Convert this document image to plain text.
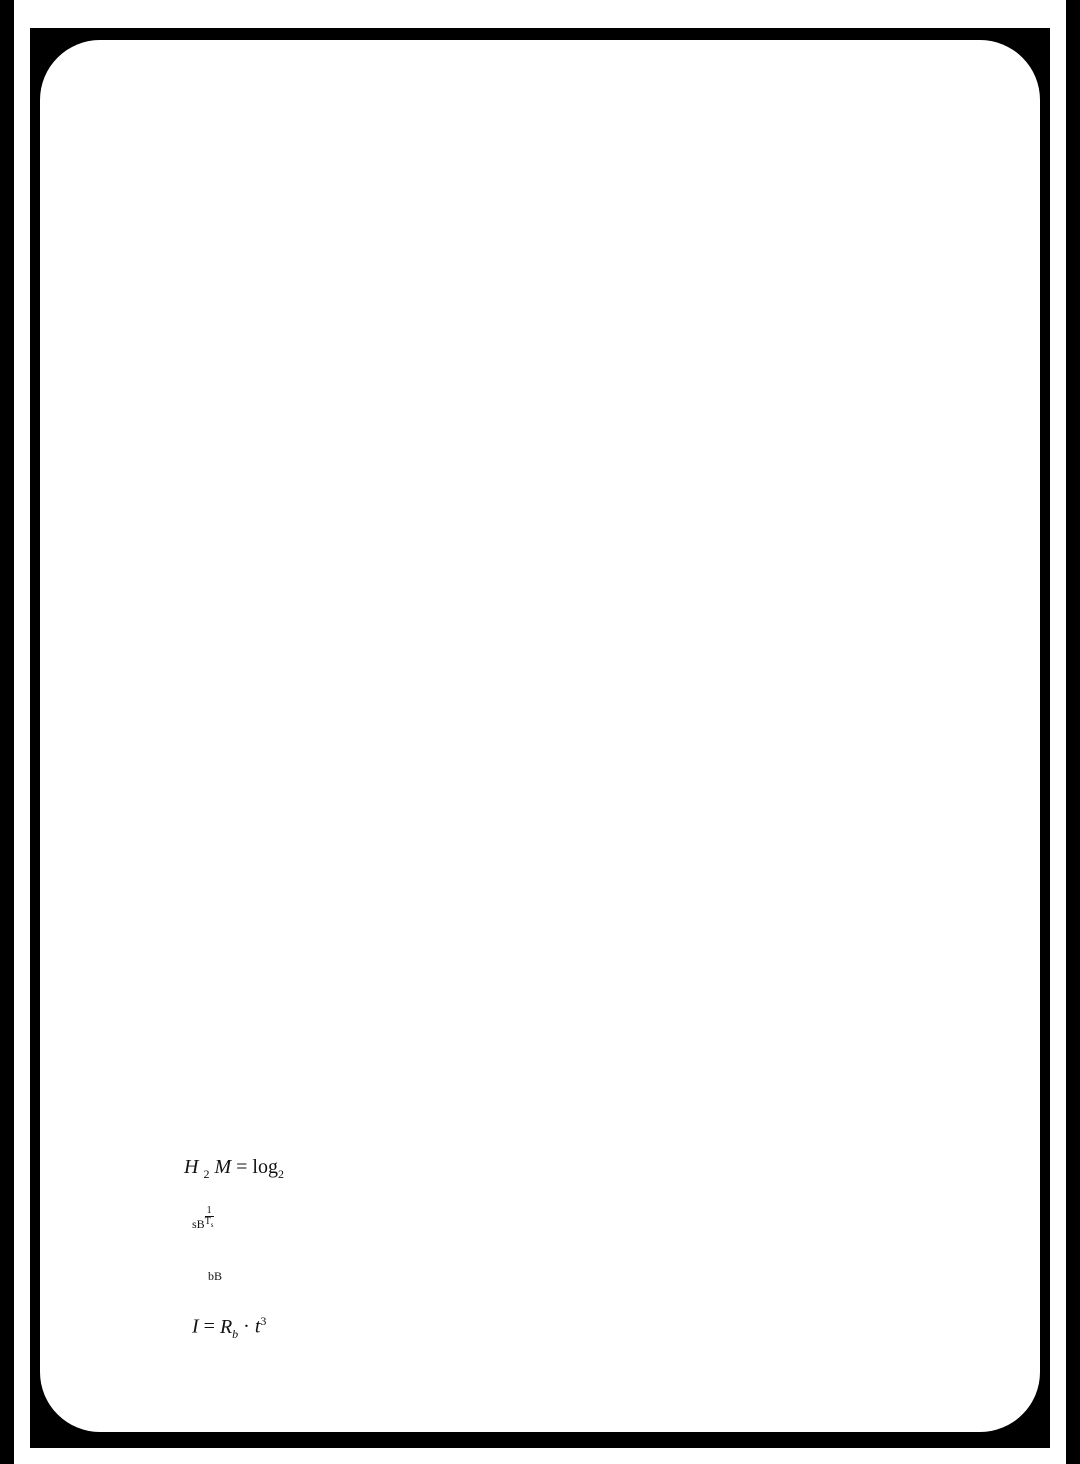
H $_2$ $M = \log_2$
$_{sB} \frac{1}{T_s}$
$_{bB}$
$I = R_b \cdot t^3$
